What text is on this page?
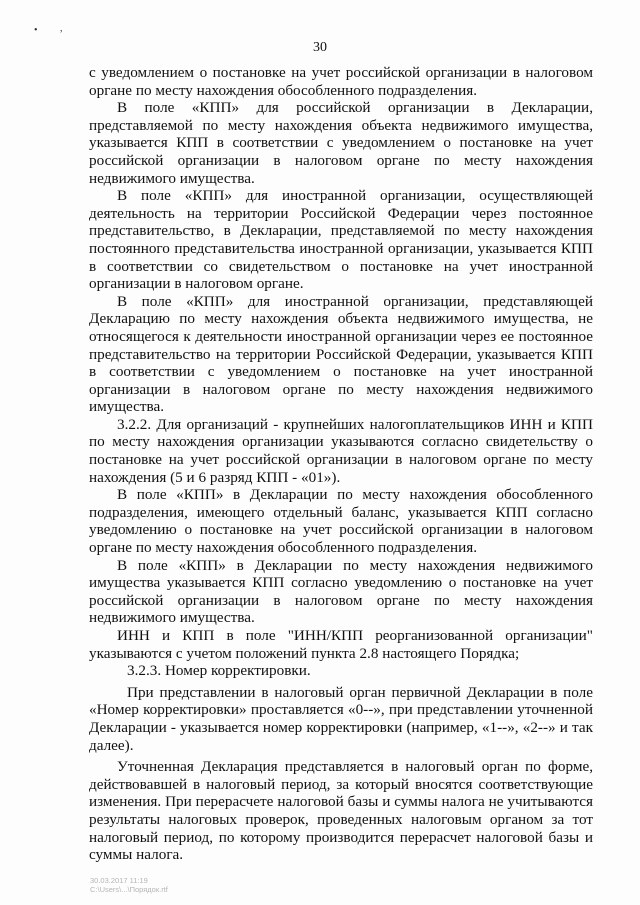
• ,
30

с уведомлением о постановке на учет российской организации в налоговом органе по месту нахождения обособленного подразделения.

В поле «КПП» для российской организации в Декларации, представляемой по месту нахождения объекта недвижимого имущества, указывается КПП в соответствии с уведомлением о постановке на учет российской организации в налоговом органе по месту нахождения недвижимого имущества.

В поле «КПП» для иностранной организации, осуществляющей деятельность на территории Российской Федерации через постоянное представительство, в Декларации, представляемой по месту нахождения постоянного представительства иностранной организации, указывается КПП в соответствии со свидетельством о постановке на учет иностранной организации в налоговом органе.

В поле «КПП» для иностранной организации, представляющей Декларацию по месту нахождения объекта недвижимого имущества, не относящегося к деятельности иностранной организации через ее постоянное представительство на территории Российской Федерации, указывается КПП в соответствии с уведомлением о постановке на учет иностранной организации в налоговом органе по месту нахождения недвижимого имущества.

3.2.2. Для организаций - крупнейших налогоплательщиков ИНН и КПП по месту нахождения организации указываются согласно свидетельству о постановке на учет российской организации в налоговом органе по месту нахождения (5 и 6 разряд КПП - «01»).

В поле «КПП» в Декларации по месту нахождения обособленного подразделения, имеющего отдельный баланс, указывается КПП согласно уведомлению о постановке на учет российской организации в налоговом органе по месту нахождения обособленного подразделения.

В поле «КПП» в Декларации по месту нахождения недвижимого имущества указывается КПП согласно уведомлению о постановке на учет российской организации в налоговом органе по месту нахождения недвижимого имущества.

ИНН и КПП в поле "ИНН/КПП реорганизованной организации" указываются с учетом положений пункта 2.8 настоящего Порядка;

3.2.3. Номер корректировки.

При представлении в налоговый орган первичной Декларации в поле «Номер корректировки» проставляется «0--», при представлении уточненной Декларации - указывается номер корректировки (например, «1--», «2--» и так далее).

Уточненная Декларация представляется в налоговый орган по форме, действовавшей в налоговый период, за который вносятся соответствующие изменения. При перерасчете налоговой базы и суммы налога не учитываются результаты налоговых проверок, проведенных налоговым органом за тот налоговый период, по которому производится перерасчет налоговой базы и суммы налога.

30.03.2017 11:19
С:\Users\...\Порядок.rtf
